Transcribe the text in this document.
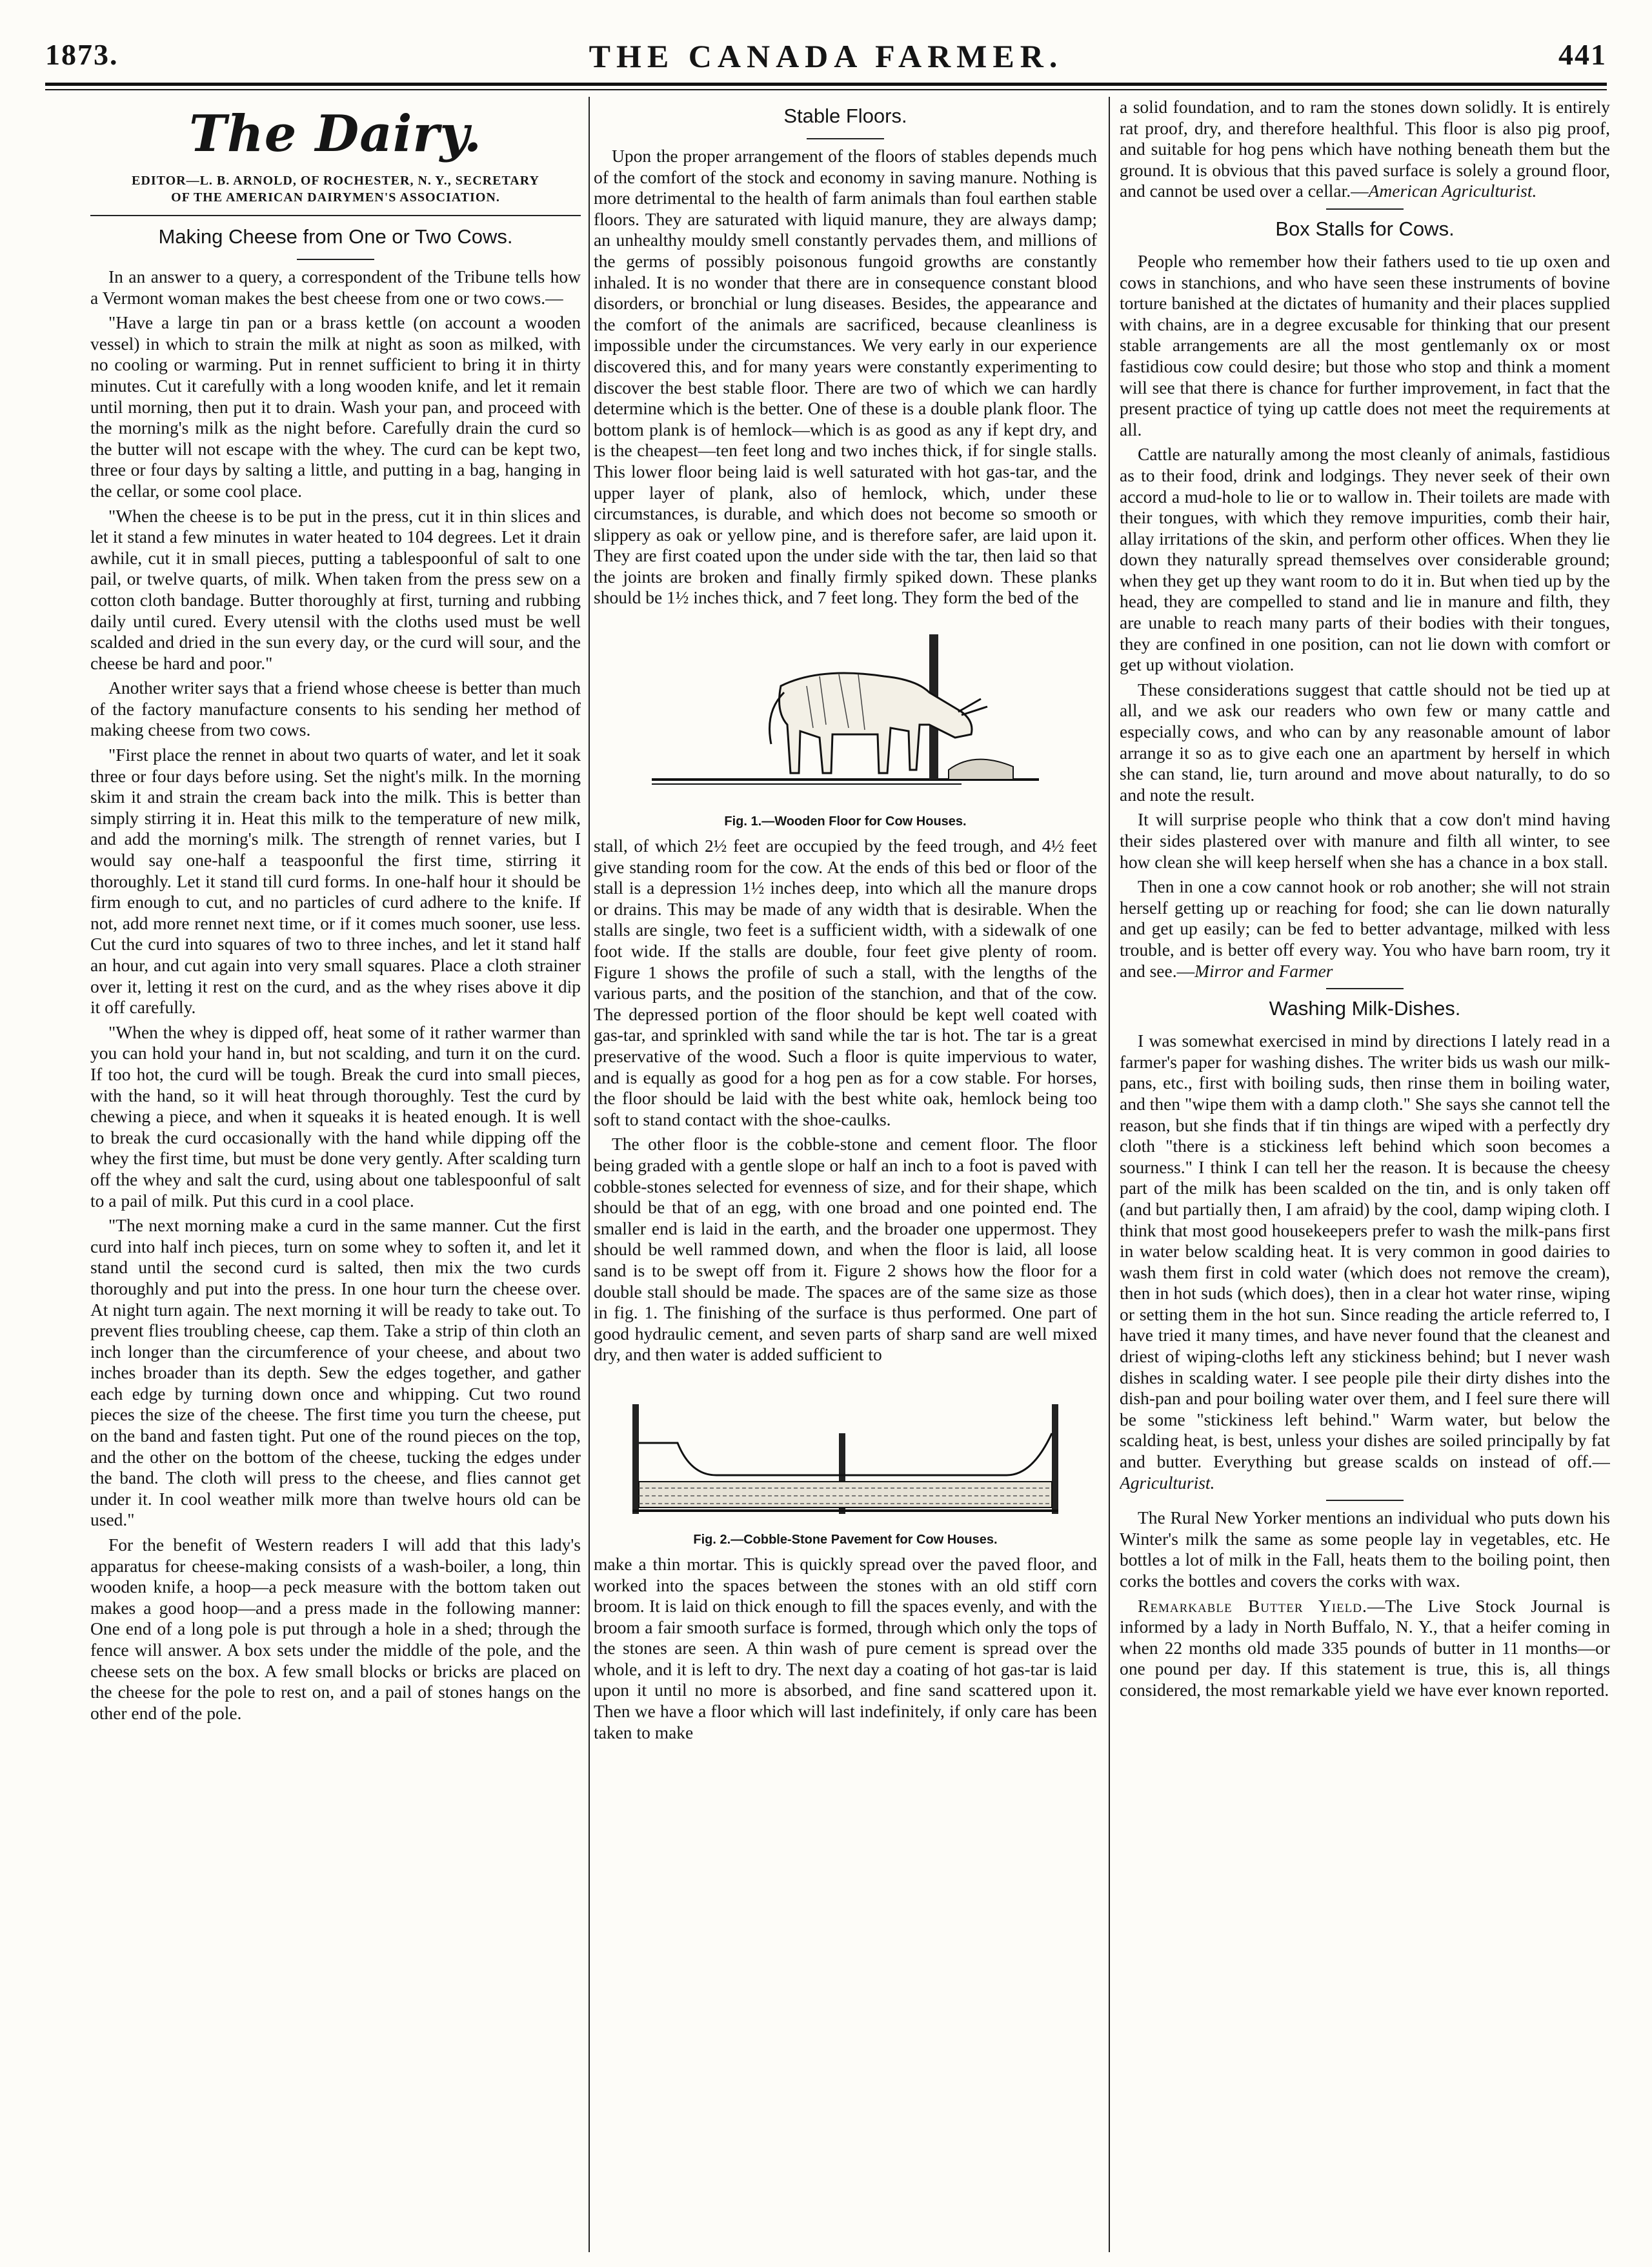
1873.	THE CANADA FARMER.	441
The Dairy.
EDITOR—L. B. ARNOLD, OF ROCHESTER, N. Y., SECRETARY
OF THE AMERICAN DAIRYMEN'S ASSOCIATION.
Making Cheese from One or Two Cows.

In an answer to a query, a correspondent of the Tribune tells how a Vermont woman makes the best cheese from one or two cows.—

"Have a large tin pan or a brass kettle (on account a wooden vessel) in which to strain the milk at night as soon as milked, with no cooling or warming. Put in rennet sufficient to bring it in thirty minutes. Cut it carefully with a long wooden knife, and let it remain until morning, then put it to drain. Wash your pan, and proceed with the morning's milk as the night before. Carefully drain the curd so the butter will not escape with the whey. The curd can be kept two, three or four days by salting a little, and putting in a bag, hanging in the cellar, or some cool place.

"When the cheese is to be put in the press, cut it in thin slices and let it stand a few minutes in water heated to 104 degrees. Let it drain awhile, cut it in small pieces, putting a tablespoonful of salt to one pail, or twelve quarts, of milk. When taken from the press sew on a cotton cloth bandage. Butter thoroughly at first, turning and rubbing daily until cured. Every utensil with the cloths used must be well scalded and dried in the sun every day, or the curd will sour, and the cheese be hard and poor."

Another writer says that a friend whose cheese is better than much of the factory manufacture consents to his sending her method of making cheese from two cows.

"First place the rennet in about two quarts of water, and let it soak three or four days before using. Set the night's milk. In the morning skim it and strain the cream back into the milk. This is better than simply stirring it in. Heat this milk to the temperature of new milk, and add the morning's milk. The strength of rennet varies, but I would say one-half a teaspoonful the first time, stirring it thoroughly. Let it stand till curd forms. In one-half hour it should be firm enough to cut, and no particles of curd adhere to the knife. If not, add more rennet next time, or if it comes much sooner, use less. Cut the curd into squares of two to three inches, and let it stand half an hour, and cut again into very small squares. Place a cloth strainer over it, letting it rest on the curd, and as the whey rises above it dip it off carefully.

"When the whey is dipped off, heat some of it rather warmer than you can hold your hand in, but not scalding, and turn it on the curd. If too hot, the curd will be tough. Break the curd into small pieces, with the hand, so it will heat through thoroughly. Test the curd by chewing a piece, and when it squeaks it is heated enough. It is well to break the curd occasionally with the hand while dipping off the whey the first time, but must be done very gently. After scalding turn off the whey and salt the curd, using about one tablespoonful of salt to a pail of milk. Put this curd in a cool place.

"The next morning make a curd in the same manner. Cut the first curd into half inch pieces, turn on some whey to soften it, and let it stand until the second curd is salted, then mix the two curds thoroughly and put into the press. In one hour turn the cheese over. At night turn again. The next morning it will be ready to take out. To prevent flies troubling cheese, cap them. Take a strip of thin cloth an inch longer than the circumference of your cheese, and about two inches broader than its depth. Sew the edges together, and gather each edge by turning down once and whipping. Cut two round pieces the size of the cheese. The first time you turn the cheese, put on the band and fasten tight. Put one of the round pieces on the top, and the other on the bottom of the cheese, tucking the edges under the band. The cloth will press to the cheese, and flies cannot get under it. In cool weather milk more than twelve hours old can be used."

For the benefit of Western readers I will add that this lady's apparatus for cheese-making consists of a wash-boiler, a long, thin wooden knife, a hoop—a peck measure with the bottom taken out makes a good hoop—and a press made in the following manner: One end of a long pole is put through a hole in a shed; through the fence will answer. A box sets under the middle of the pole, and the cheese sets on the box. A few small blocks or bricks are placed on the cheese for the pole to rest on, and a pail of stones hangs on the other end of the pole.

Stable Floors.

Upon the proper arrangement of the floors of stables depends much of the comfort of the stock and economy in saving manure. Nothing is more detrimental to the health of farm animals than foul earthen stable floors. They are saturated with liquid manure, they are always damp; an unhealthy mouldy smell constantly pervades them, and millions of the germs of possibly poisonous fungoid growths are constantly inhaled. It is no wonder that there are in consequence constant blood disorders, or bronchial or lung diseases. Besides, the appearance and the comfort of the animals are sacrificed, because cleanliness is impossible under the circumstances. We very early in our experience discovered this, and for many years were constantly experimenting to discover the best stable floor. There are two of which we can hardly determine which is the better. One of these is a double plank floor. The bottom plank is of hemlock—which is as good as any if kept dry, and is the cheapest—ten feet long and two inches thick, if for single stalls. This lower floor being laid is well saturated with hot gas-tar, and the upper layer of plank, also of hemlock, which, under these circumstances, is durable, and which does not become so smooth or slippery as oak or yellow pine, and is therefore safer, are laid upon it. They are first coated upon the under side with the tar, then laid so that the joints are broken and finally firmly spiked down. These planks should be 1½ inches thick, and 7 feet long. They form the bed of the

Fig. 1.—Wooden Floor for Cow Houses.

stall, of which 2½ feet are occupied by the feed trough, and 4½ feet give standing room for the cow. At the ends of this bed or floor of the stall is a depression 1½ inches deep, into which all the manure drops or drains. This may be made of any width that is desirable. When the stalls are single, two feet is a sufficient width, with a sidewalk of one foot wide. If the stalls are double, four feet give plenty of room. Figure 1 shows the profile of such a stall, with the lengths of the various parts, and the position of the stanchion, and that of the cow. The depressed portion of the floor should be kept well coated with gas-tar, and sprinkled with sand while the tar is hot. The tar is a great preservative of the wood. Such a floor is quite impervious to water, and is equally as good for a hog pen as for a cow stable. For horses, the floor should be laid with the best white oak, hemlock being too soft to stand contact with the shoe-caulks.

The other floor is the cobble-stone and cement floor. The floor being graded with a gentle slope or half an inch to a foot is paved with cobble-stones selected for evenness of size, and for their shape, which should be that of an egg, with one broad and one pointed end. The smaller end is laid in the earth, and the broader one uppermost. They should be well rammed down, and when the floor is laid, all loose sand is to be swept off from it. Figure 2 shows how the floor for a double stall should be made. The spaces are of the same size as those in fig. 1. The finishing of the surface is thus performed. One part of good hydraulic cement, and seven parts of sharp sand are well mixed dry, and then water is added sufficient to

Fig. 2.—Cobble-Stone Pavement for Cow Houses.

make a thin mortar. This is quickly spread over the paved floor, and worked into the spaces between the stones with an old stiff corn broom. It is laid on thick enough to fill the spaces evenly, and with the broom a fair smooth surface is formed, through which only the tops of the stones are seen. A thin wash of pure cement is spread over the whole, and it is left to dry. The next day a coating of hot gas-tar is laid upon it until no more is absorbed, and fine sand scattered upon it. Then we have a floor which will last indefinitely, if only care has been taken to make

a solid foundation, and to ram the stones down solidly. It is entirely rat proof, dry, and therefore healthful. This floor is also pig proof, and suitable for hog pens which have nothing beneath them but the ground. It is obvious that this paved surface is solely a ground floor, and cannot be used over a cellar.—American Agriculturist.

Box Stalls for Cows.

People who remember how their fathers used to tie up oxen and cows in stanchions, and who have seen these instruments of bovine torture banished at the dictates of humanity and their places supplied with chains, are in a degree excusable for thinking that our present stable arrangements are all the most gentlemanly ox or most fastidious cow could desire; but those who stop and think a moment will see that there is chance for further improvement, in fact that the present practice of tying up cattle does not meet the requirements at all.

Cattle are naturally among the most cleanly of animals, fastidious as to their food, drink and lodgings. They never seek of their own accord a mud-hole to lie or to wallow in. Their toilets are made with their tongues, with which they remove impurities, comb their hair, allay irritations of the skin, and perform other offices. When they lie down they naturally spread themselves over considerable ground; when they get up they want room to do it in. But when tied up by the head, they are compelled to stand and lie in manure and filth, they are unable to reach many parts of their bodies with their tongues, they are confined in one position, can not lie down with comfort or get up without violation.

These considerations suggest that cattle should not be tied up at all, and we ask our readers who own few or many cattle and especially cows, and who can by any reasonable amount of labor arrange it so as to give each one an apartment by herself in which she can stand, lie, turn around and move about naturally, to do so and note the result.

It will surprise people who think that a cow don't mind having their sides plastered over with manure and filth all winter, to see how clean she will keep herself when she has a chance in a box stall.

Then in one a cow cannot hook or rob another; she will not strain herself getting up or reaching for food; she can lie down naturally and get up easily; can be fed to better advantage, milked with less trouble, and is better off every way. You who have barn room, try it and see.—Mirror and Farmer

Washing Milk-Dishes.

I was somewhat exercised in mind by directions I lately read in a farmer's paper for washing dishes. The writer bids us wash our milk-pans, etc., first with boiling suds, then rinse them in boiling water, and then "wipe them with a damp cloth." She says she cannot tell the reason, but she finds that if tin things are wiped with a perfectly dry cloth "there is a stickiness left behind which soon becomes a sourness." I think I can tell her the reason. It is because the cheesy part of the milk has been scalded on the tin, and is only taken off (and but partially then, I am afraid) by the cool, damp wiping cloth. I think that most good housekeepers prefer to wash the milk-pans first in water below scalding heat. It is very common in good dairies to wash them first in cold water (which does not remove the cream), then in hot suds (which does), then in a clear hot water rinse, wiping or setting them in the hot sun. Since reading the article referred to, I have tried it many times, and have never found that the cleanest and driest of wiping-cloths left any stickiness behind; but I never wash dishes in scalding water. I see people pile their dirty dishes into the dish-pan and pour boiling water over them, and I feel sure there will be some "stickiness left behind." Warm water, but below the scalding heat, is best, unless your dishes are soiled principally by fat and butter. Everything but grease scalds on instead of off.—Agriculturist.

The Rural New Yorker mentions an individual who puts down his Winter's milk the same as some people lay in vegetables, etc. He bottles a lot of milk in the Fall, heats them to the boiling point, then corks the bottles and covers the corks with wax.

Remarkable Butter Yield.—The Live Stock Journal is informed by a lady in North Buffalo, N. Y., that a heifer coming in when 22 months old made 335 pounds of butter in 11 months—or one pound per day. If this statement is true, this is, all things considered, the most remarkable yield we have ever known reported.
